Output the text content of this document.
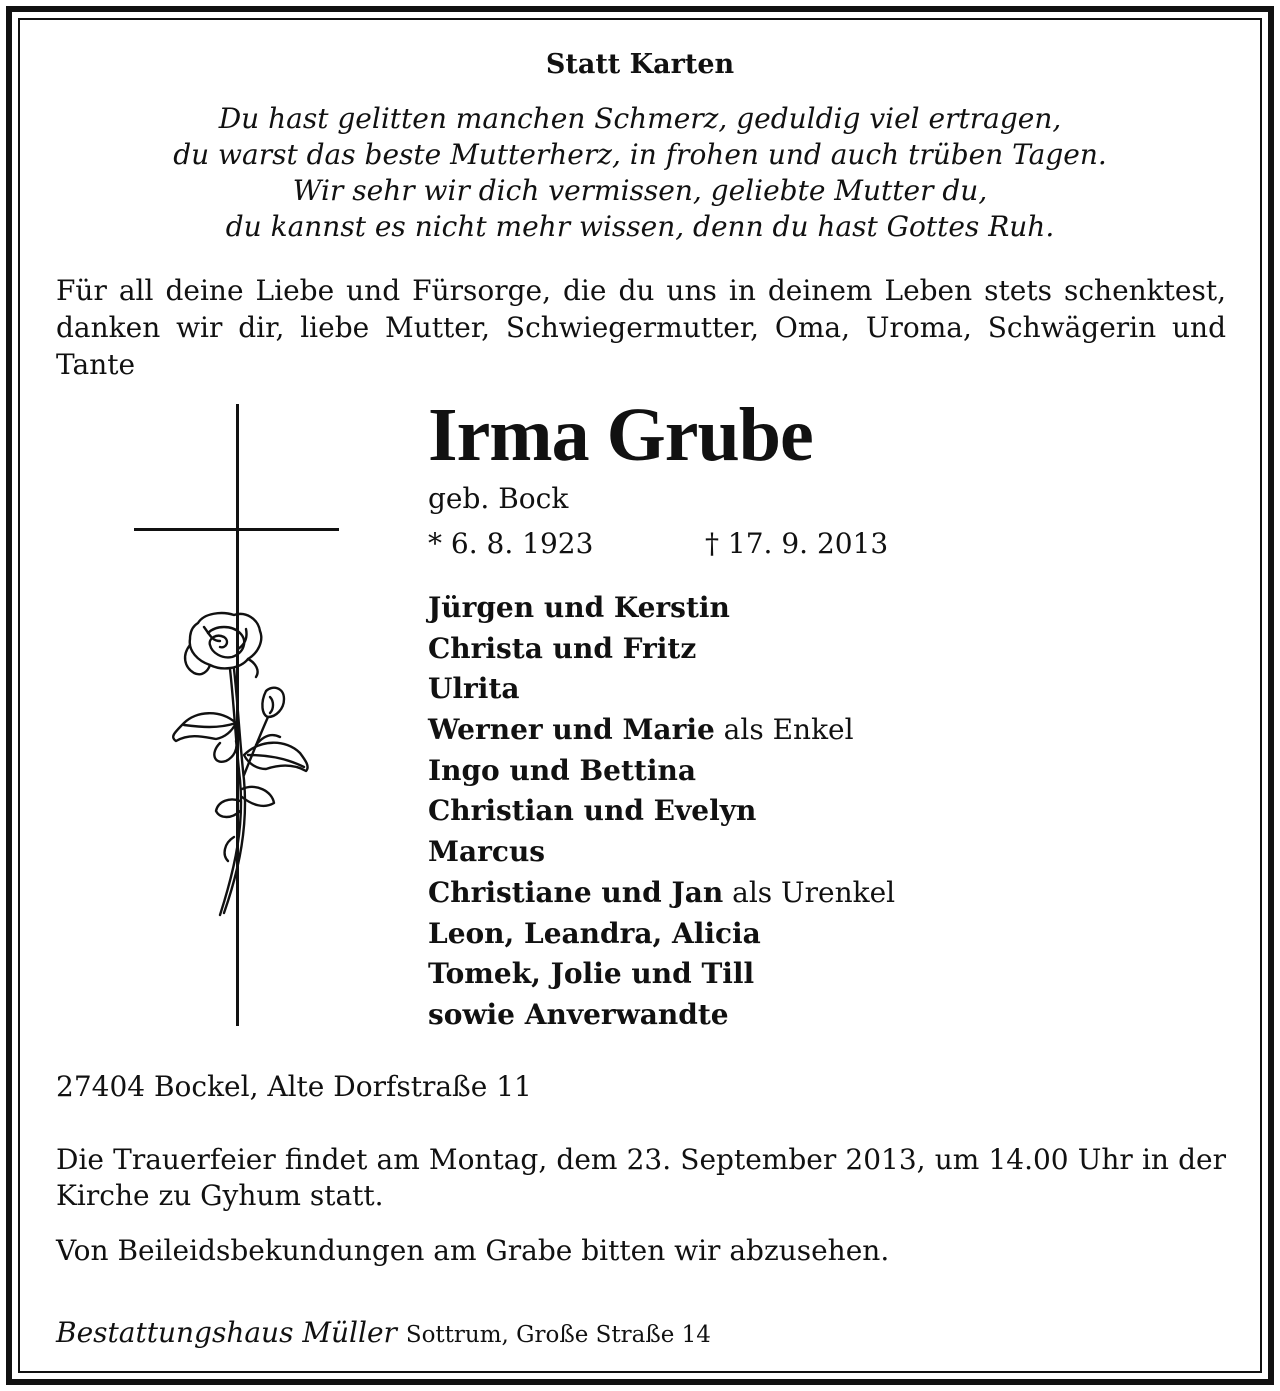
Statt Karten

Du hast gelitten manchen Schmerz, geduldig viel ertragen,
du warst das beste Mutterherz, in frohen und auch trüben Tagen.
Wir sehr wir dich vermissen, geliebte Mutter du,
du kannst es nicht mehr wissen, denn du hast Gottes Ruh.

Für all deine Liebe und Fürsorge, die du uns in deinem Leben stets schenktest, danken wir dir, liebe Mutter, Schwiegermutter, Oma, Uroma, Schwägerin und Tante

Irma Grube

geb. Bock

* 6. 8. 1923	† 17. 9. 2013

Jürgen und Kerstin
Christa und Fritz
Ulrita
Werner und Marie als Enkel
Ingo und Bettina
Christian und Evelyn
Marcus
Christiane und Jan als Urenkel
Leon, Leandra, Alicia
Tomek, Jolie und Till
sowie Anverwandte

27404 Bockel, Alte Dorfstraße 11

Die Trauerfeier findet am Montag, dem 23. September 2013, um 14.00 Uhr in der Kirche zu Gyhum statt.

Von Beileidsbekundungen am Grabe bitten wir abzusehen.

Bestattungshaus Müller Sottrum, Große Straße 14
